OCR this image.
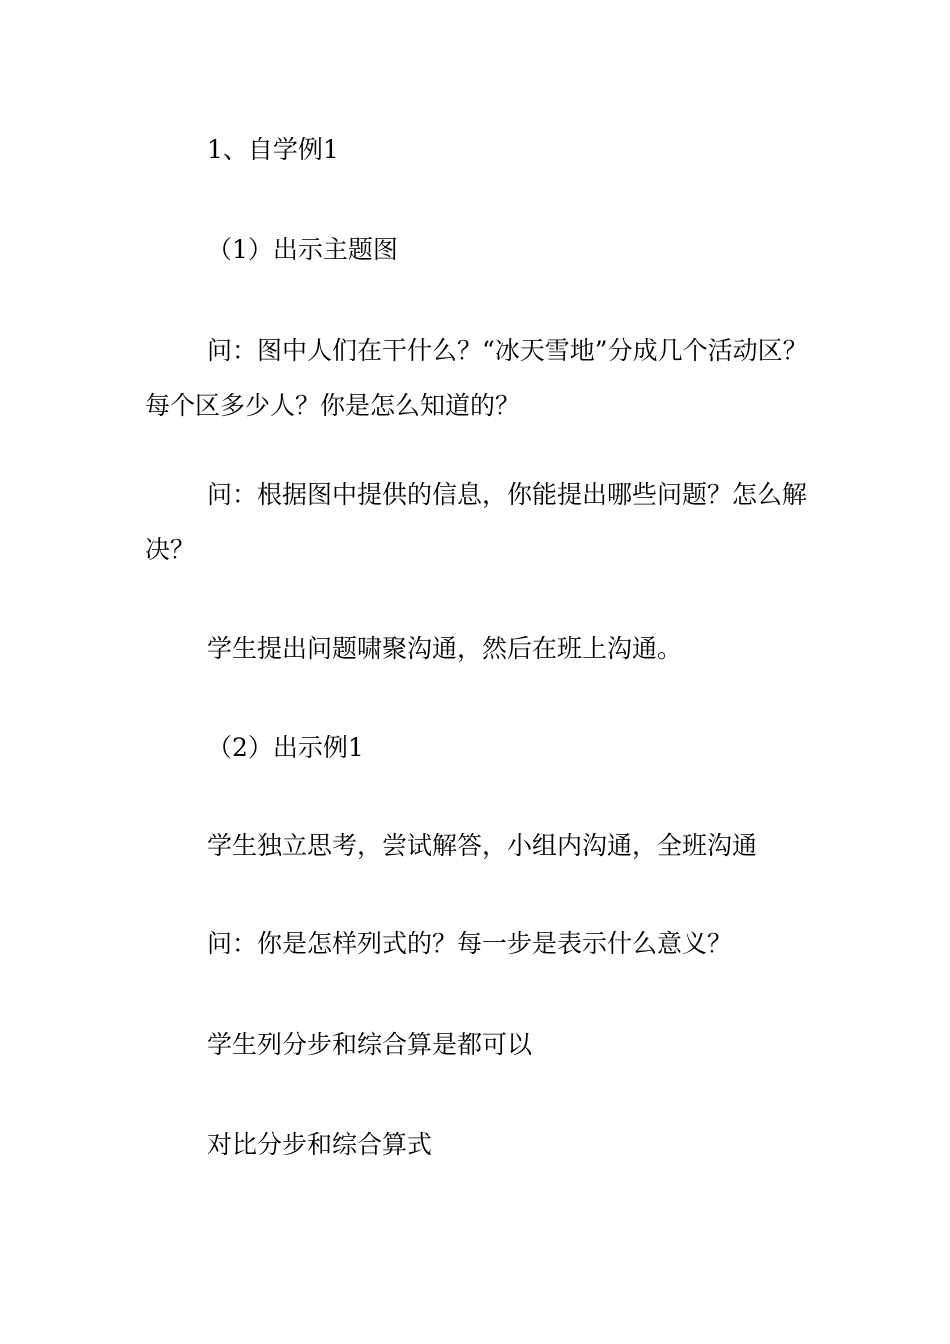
1、自学例1

（1）出示主题图

问：图中人们在干什么？“冰天雪地”分成几个活动区？每个区多少人？你是怎么知道的？

问：根据图中提供的信息，你能提出哪些问题？怎么解决？

学生提出问题啸聚沟通，然后在班上沟通。

（2）出示例1

学生独立思考，尝试解答，小组内沟通，全班沟通

问：你是怎样列式的？每一步是表示什么意义？

学生列分步和综合算是都可以

对比分步和综合算式
